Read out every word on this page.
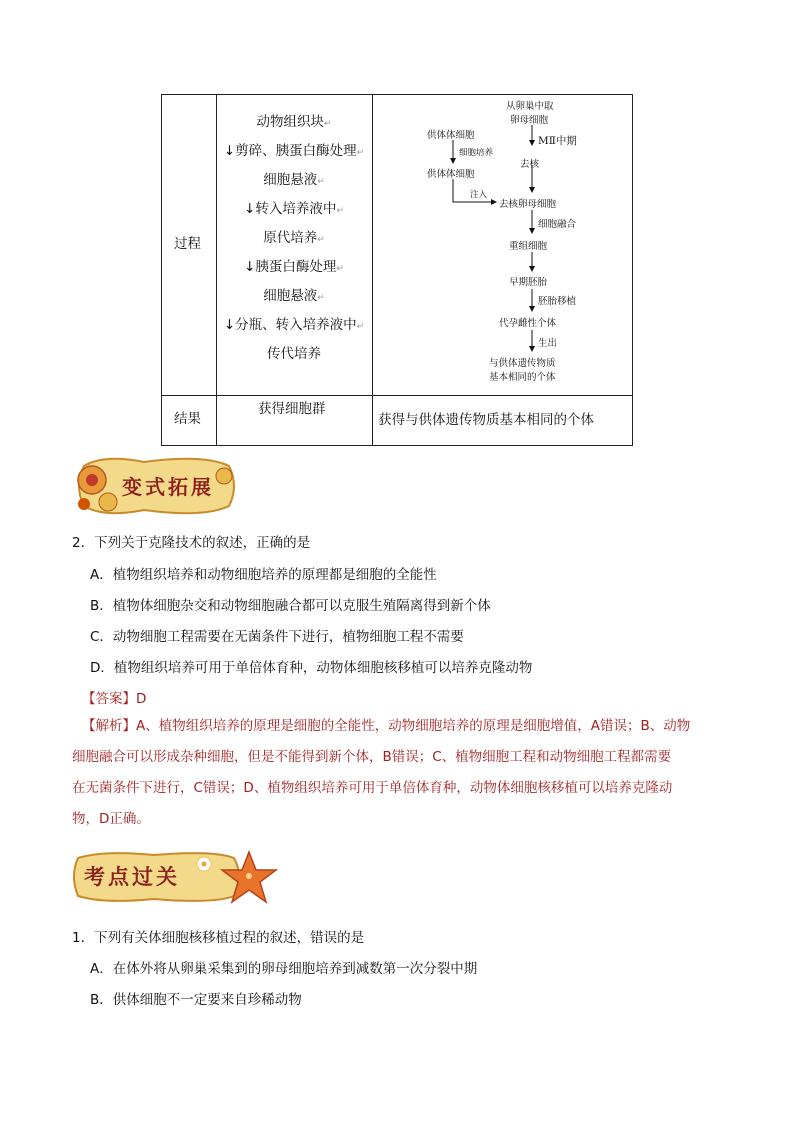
过程
结果
动物组织块↵
↓剪碎、胰蛋白酶处理↵
细胞悬液↵
↓转入培养液中↵
原代培养↵
↓胰蛋白酶处理↵
细胞悬液↵
↓分瓶、转入培养液中↵
传代培养
获得细胞群
获得与供体遗传物质基本相同的个体
从卵巢中取
卵母细胞
供体体细胞	MⅡ中期
细胞培养
去核
供体体细胞
注入
去核卵母细胞
细胞融合
重组细胞
早期胚胎
胚胎移植
代孕雌性个体
生出
与供体遗传物质
基本相同的个体
变式拓展
2．下列关于克隆技术的叙述，正确的是
A．植物组织培养和动物细胞培养的原理都是细胞的全能性
B．植物体细胞杂交和动物细胞融合都可以克服生殖隔离得到新个体
C．动物细胞工程需要在无菌条件下进行，植物细胞工程不需要
D．植物组织培养可用于单倍体育种，动物体细胞核移植可以培养克隆动物
【答案】D
【解析】A、植物组织培养的原理是细胞的全能性，动物细胞培养的原理是细胞增值，A错误；B、动物
细胞融合可以形成杂种细胞，但是不能得到新个体，B错误；C、植物细胞工程和动物细胞工程都需要
在无菌条件下进行，C错误；D、植物组织培养可用于单倍体育种，动物体细胞核移植可以培养克隆动
物，D正确。
考点过关
1．下列有关体细胞核移植过程的叙述，错误的是
A．在体外将从卵巢采集到的卵母细胞培养到减数第一次分裂中期
B．供体细胞不一定要来自珍稀动物
